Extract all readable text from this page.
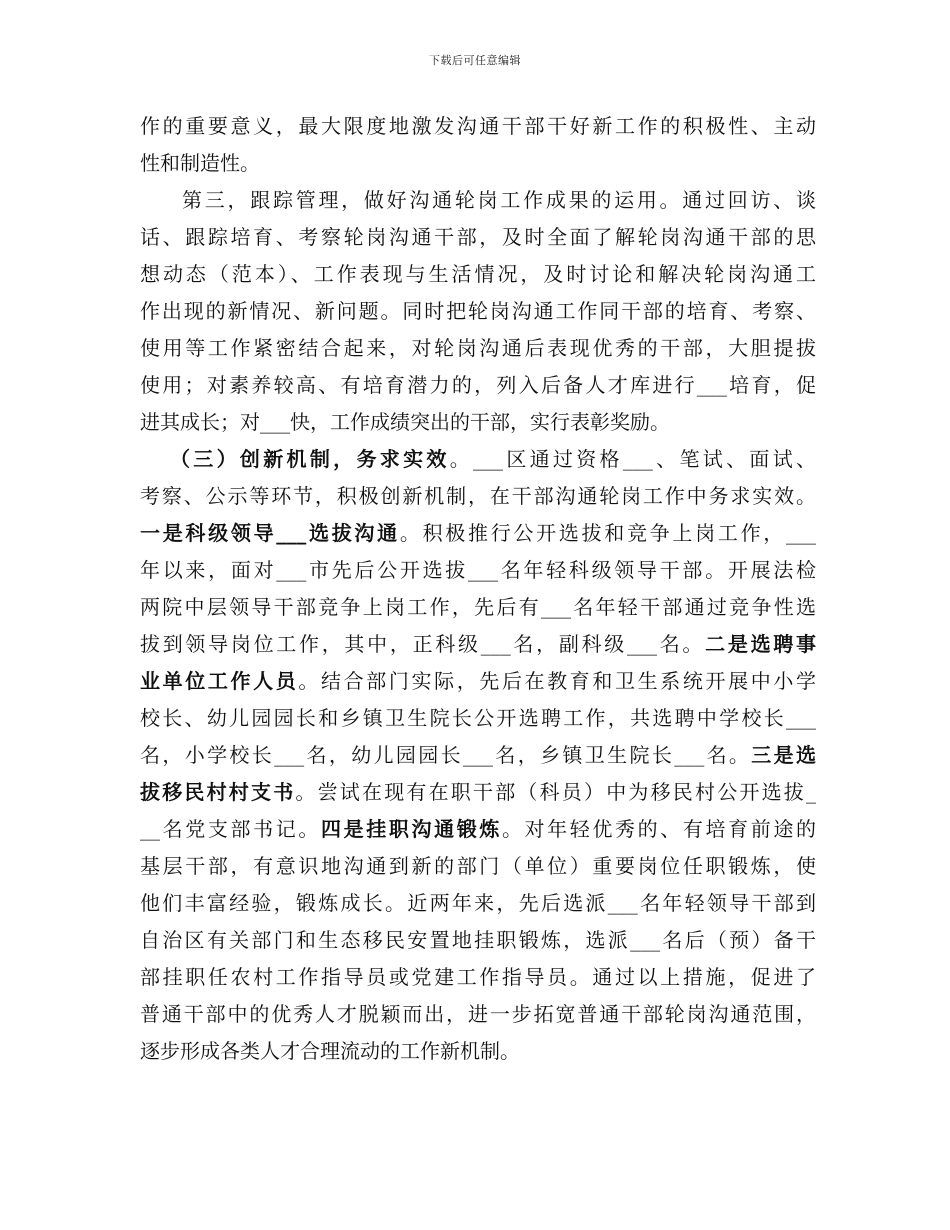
下载后可任意编辑
作的重要意义，最大限度地激发沟通干部干好新工作的积极性、主动
性和制造性。
第三，跟踪管理，做好沟通轮岗工作成果的运用。通过回访、谈
话、跟踪培育、考察轮岗沟通干部，及时全面了解轮岗沟通干部的思
想动态（范本）、工作表现与生活情况，及时讨论和解决轮岗沟通工
作出现的新情况、新问题。同时把轮岗沟通工作同干部的培育、考察、
使用等工作紧密结合起来，对轮岗沟通后表现优秀的干部，大胆提拔
使用；对素养较高、有培育潜力的，列入后备人才库进行___培育，促
进其成长；对___快，工作成绩突出的干部，实行表彰奖励。
（三）创新机制，务求实效。___区通过资格___、笔试、面试、
考察、公示等环节，积极创新机制，在干部沟通轮岗工作中务求实效。
一是科级领导___选拔沟通。积极推行公开选拔和竞争上岗工作，___
年以来，面对___市先后公开选拔___名年轻科级领导干部。开展法检
两院中层领导干部竞争上岗工作，先后有___名年轻干部通过竞争性选
拔到领导岗位工作，其中，正科级___名，副科级___名。二是选聘事
业单位工作人员。结合部门实际，先后在教育和卫生系统开展中小学
校长、幼儿园园长和乡镇卫生院长公开选聘工作，共选聘中学校长___
名，小学校长___名，幼儿园园长___名，乡镇卫生院长___名。三是选
拔移民村村支书。尝试在现有在职干部（科员）中为移民村公开选拔_
__名党支部书记。四是挂职沟通锻炼。对年轻优秀的、有培育前途的
基层干部，有意识地沟通到新的部门（单位）重要岗位任职锻炼，使
他们丰富经验，锻炼成长。近两年来，先后选派___名年轻领导干部到
自治区有关部门和生态移民安置地挂职锻炼，选派___名后（预）备干
部挂职任农村工作指导员或党建工作指导员。通过以上措施，促进了
普通干部中的优秀人才脱颖而出，进一步拓宽普通干部轮岗沟通范围，
逐步形成各类人才合理流动的工作新机制。
